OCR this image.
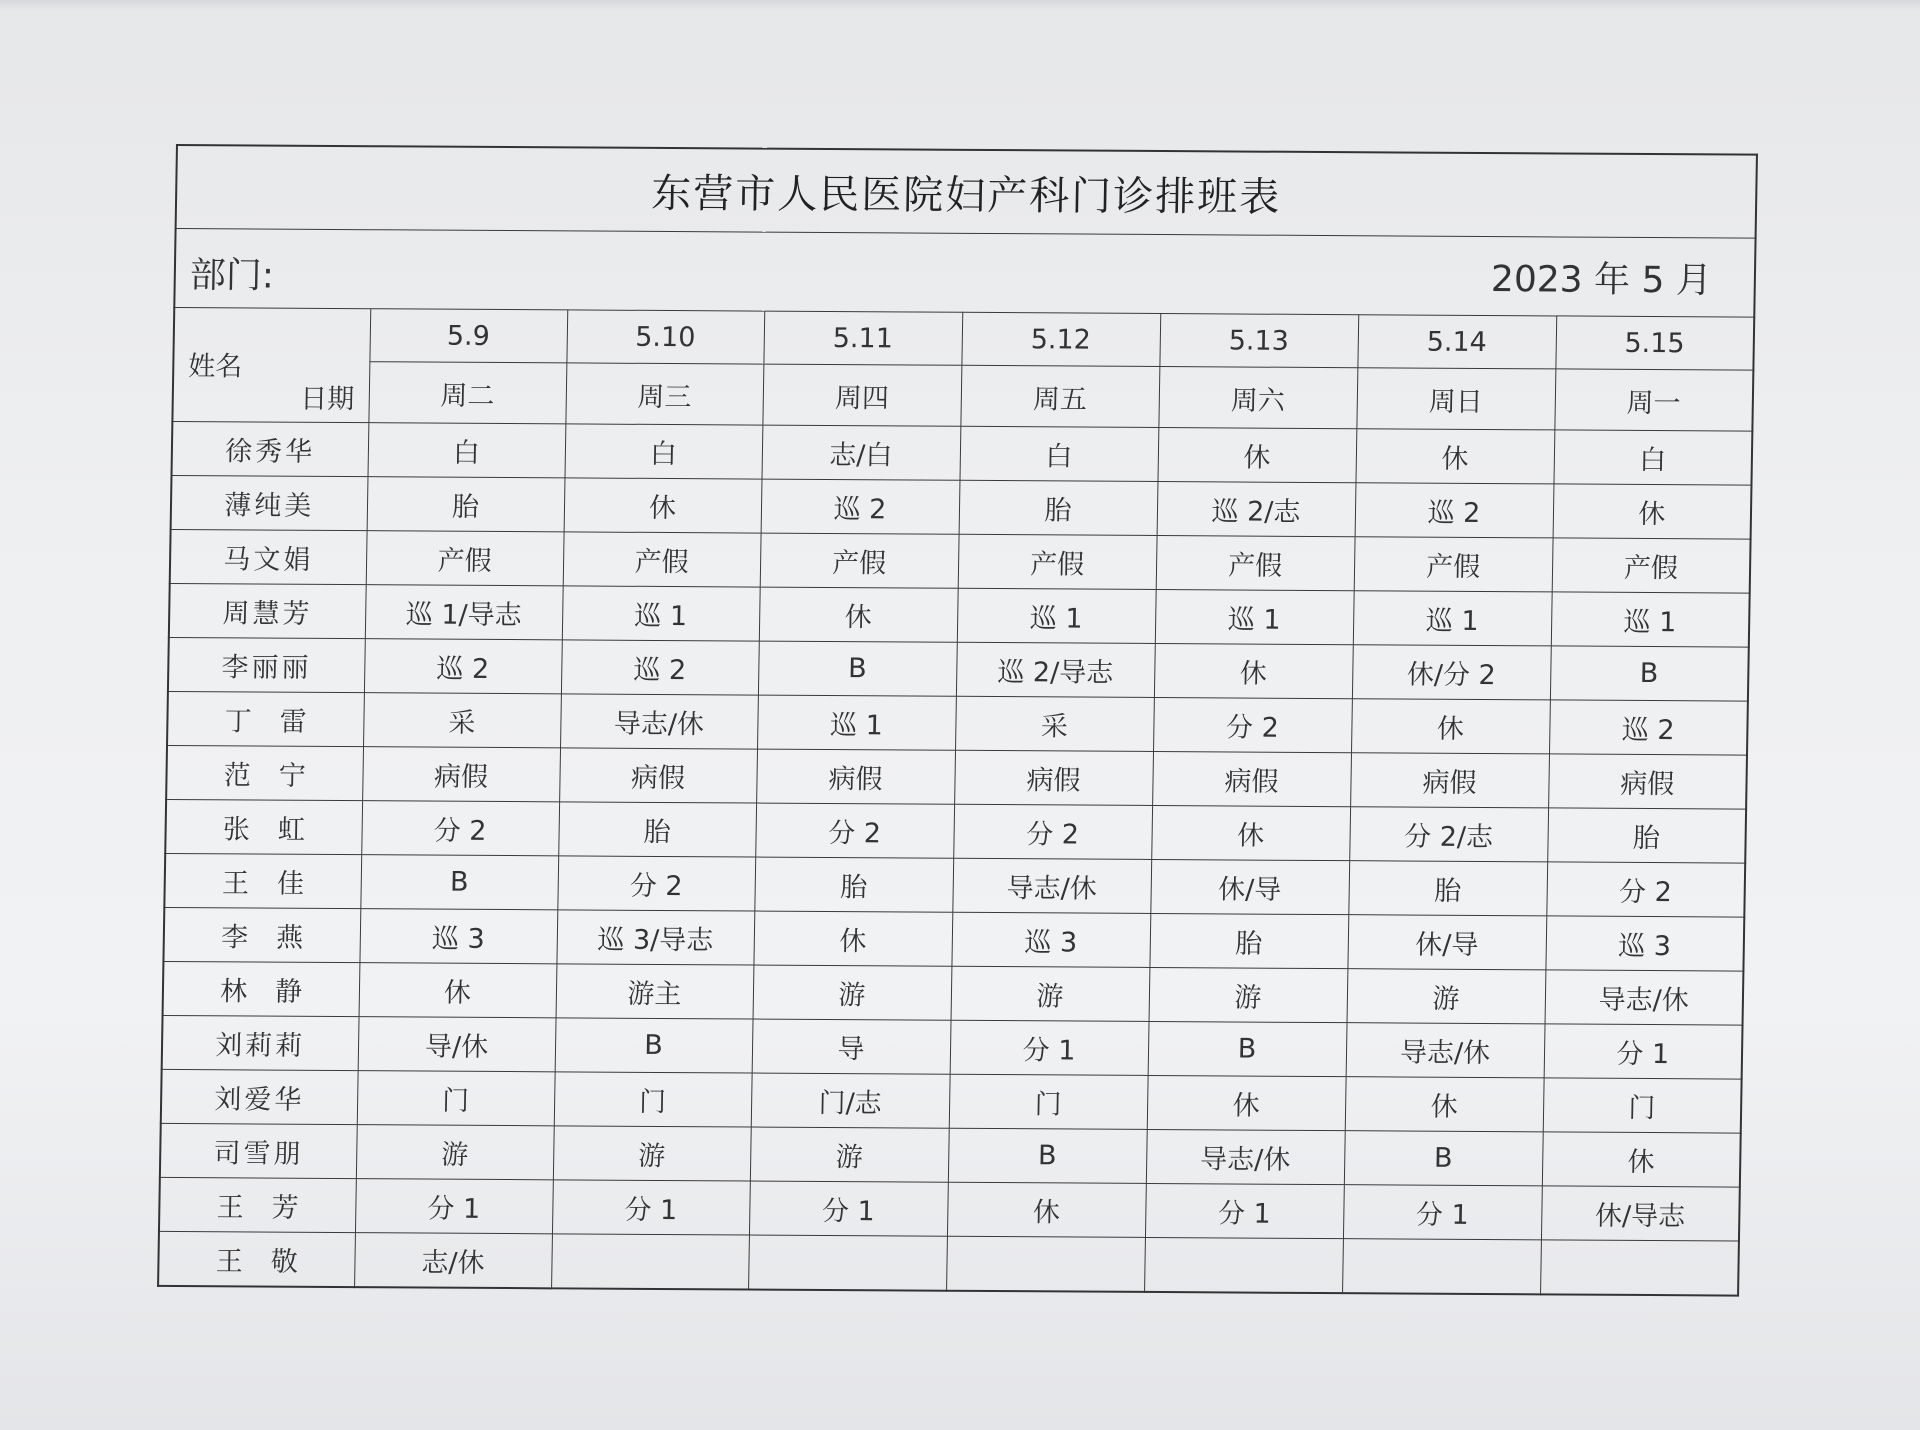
东营市人民医院妇产科门诊排班表							

部门: 2023 年 5 月							

姓名
日期	5.9	5.10	5.11	5.12	5.13	5.14	5.15
	周二	周三	周四	周五	周六	周日	周一
徐秀华	白	白	志/白	白	休	休	白
薄纯美	胎	休	巡 2	胎	巡 2/志	巡 2	休
马文娟	产假	产假	产假	产假	产假	产假	产假
周慧芳	巡 1/导志	巡 1	休	巡 1	巡 1	巡 1	巡 1
李丽丽	巡 2	巡 2	B	巡 2/导志	休	休/分 2	B
丁雷	采	导志/休	巡 1	采	分 2	休	巡 2
范宁	病假	病假	病假	病假	病假	病假	病假
张虹	分 2	胎	分 2	分 2	休	分 2/志	胎
王佳	B	分 2	胎	导志/休	休/导	胎	分 2
李燕	巡 3	巡 3/导志	休	巡 3	胎	休/导	巡 3
林静	休	游主	游	游	游	游	导志/休
刘莉莉	导/休	B	导	分 1	B	导志/休	分 1
刘爱华	门	门	门/志	门	休	休	门
司雪朋	游	游	游	B	导志/休	B	休
王芳	分 1	分 1	分 1	休	分 1	分 1	休/导志
王敬	志/休						
